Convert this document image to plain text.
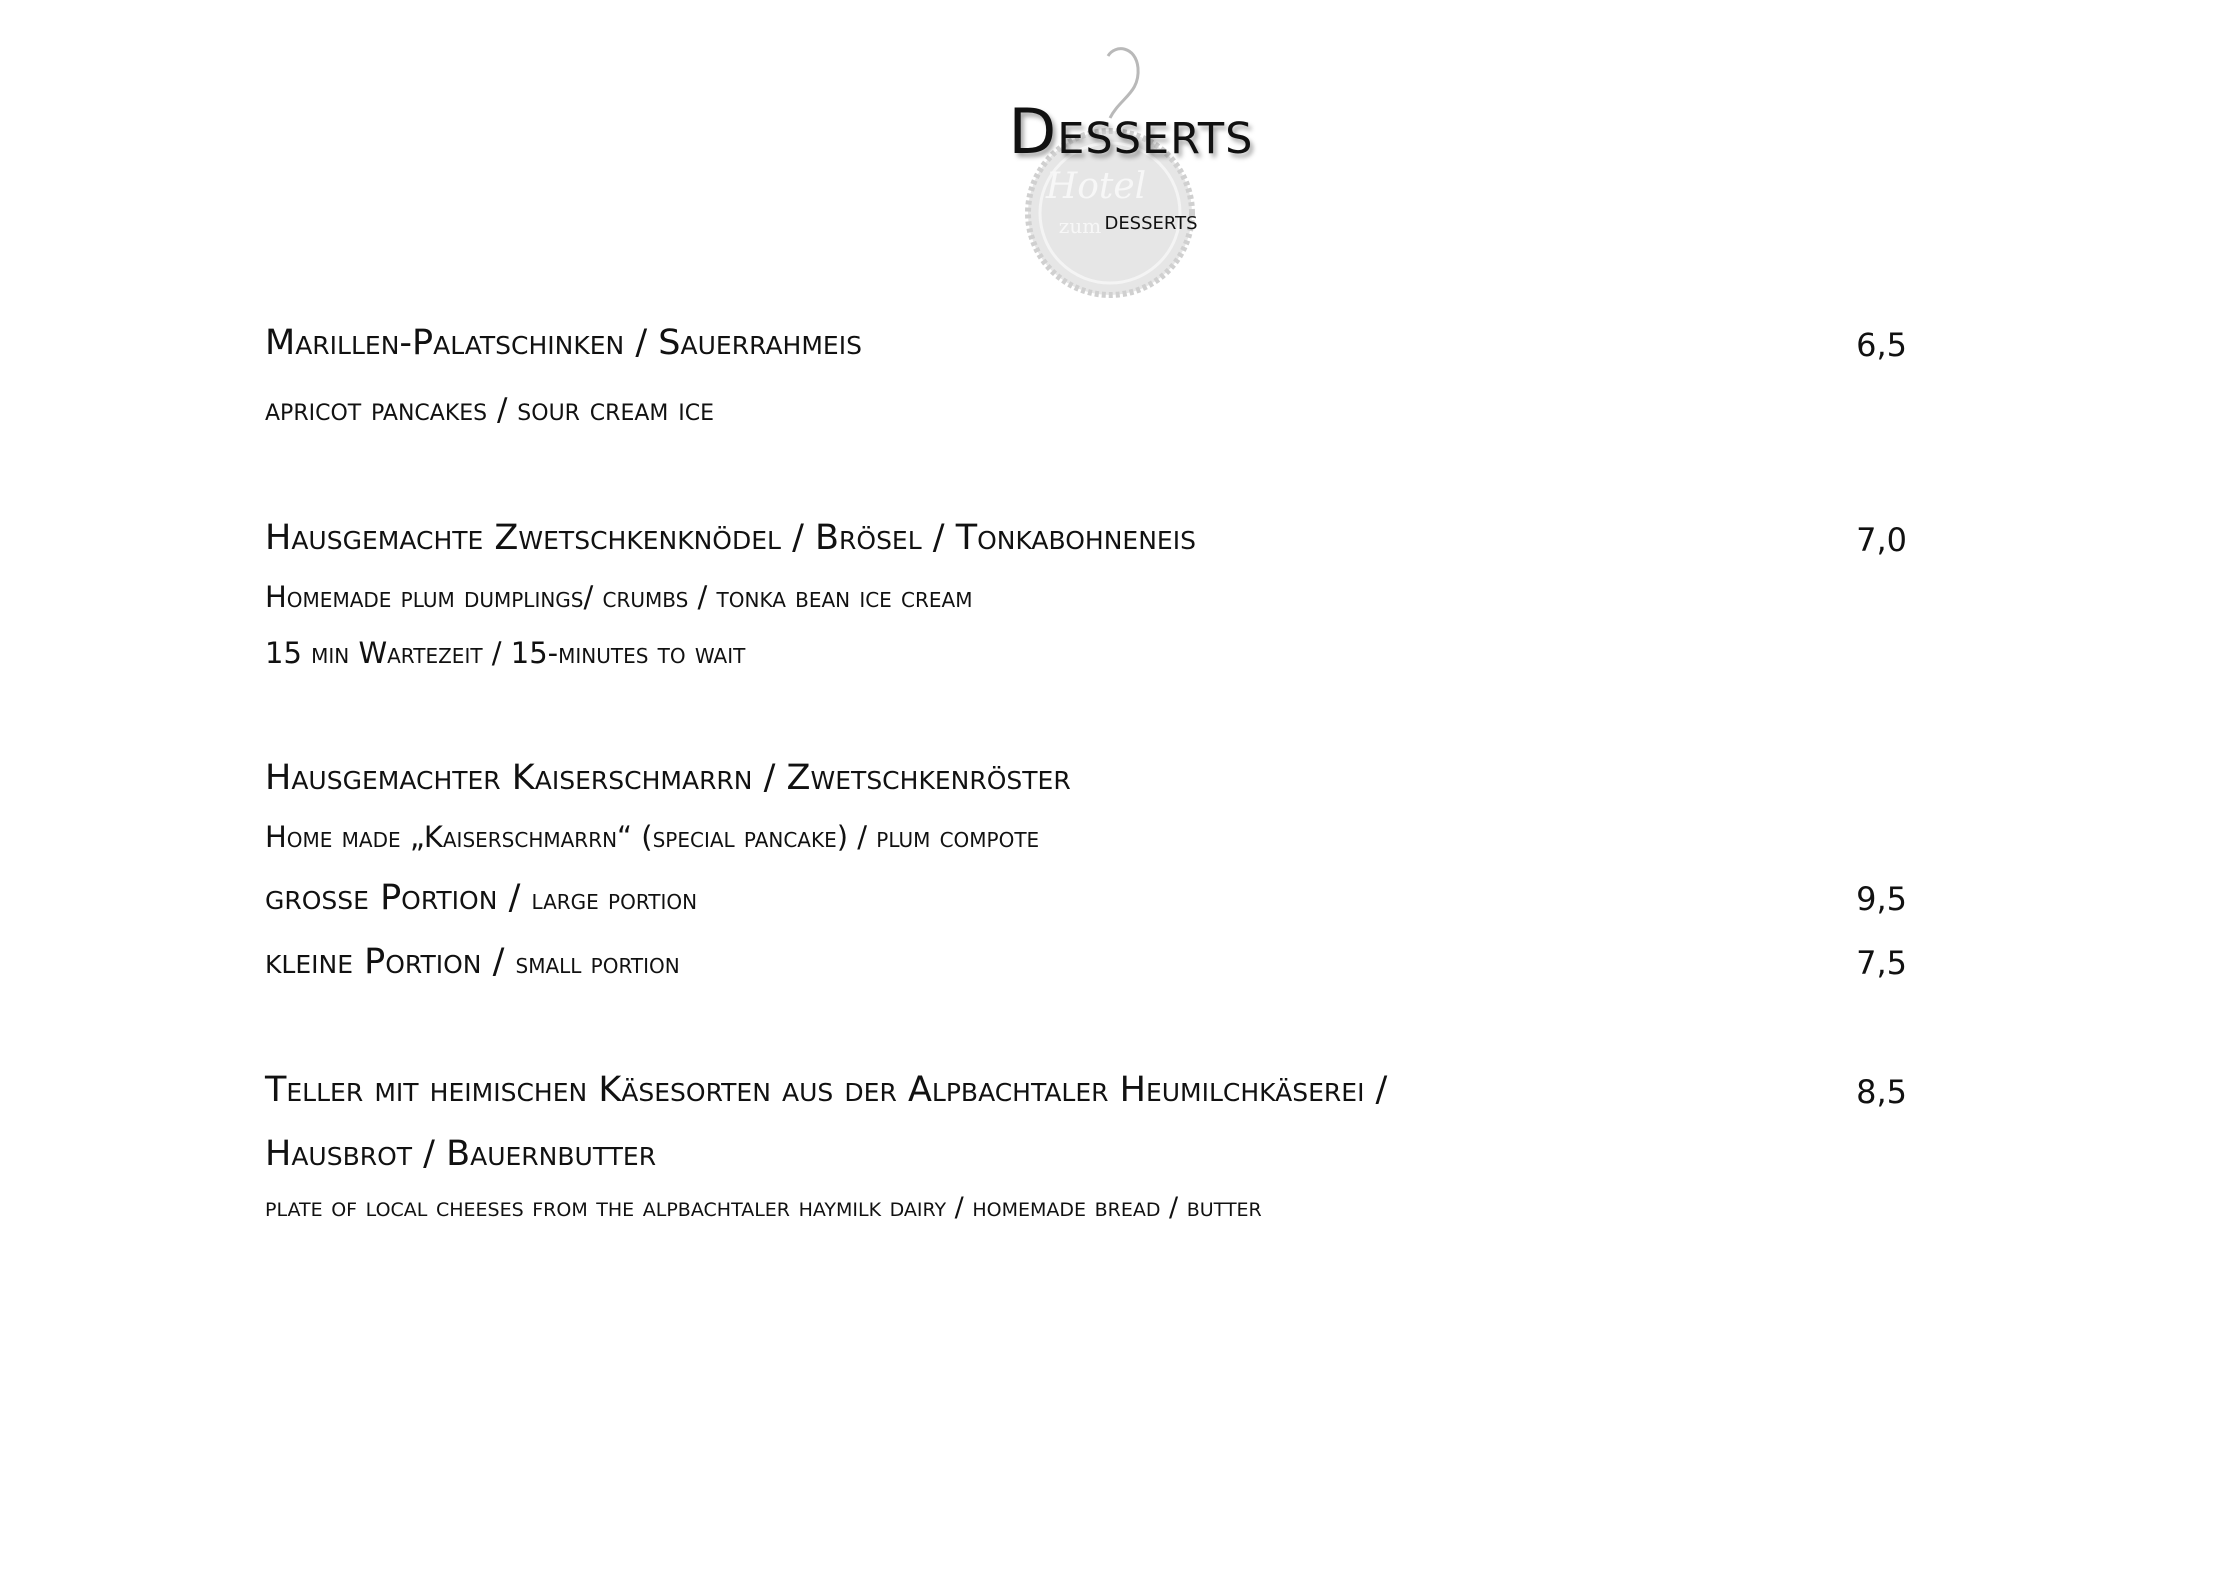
Hotel
zum
Desserts
desserts
Marillen-Palatschinken / Sauerrahmeis	6,5
apricot pancakes / sour cream ice
Hausgemachte Zwetschkenknödel / Brösel / Tonkabohneneis	7,0
Homemade plum dumplings/ crumbs / tonka bean ice cream
15 min Wartezeit / 15-minutes to wait
Hausgemachter Kaiserschmarrn / Zwetschkenröster
Home made „Kaiserschmarrn“ (special pancake) / plum compote
große Portion / large portion	9,5
kleine Portion / small portion	7,5
Teller mit heimischen Käsesorten aus der Alpbachtaler Heumilchkäserei /	8,5
Hausbrot / Bauernbutter
plate of local cheeses from the alpbachtaler haymilk dairy / homemade bread / butter
